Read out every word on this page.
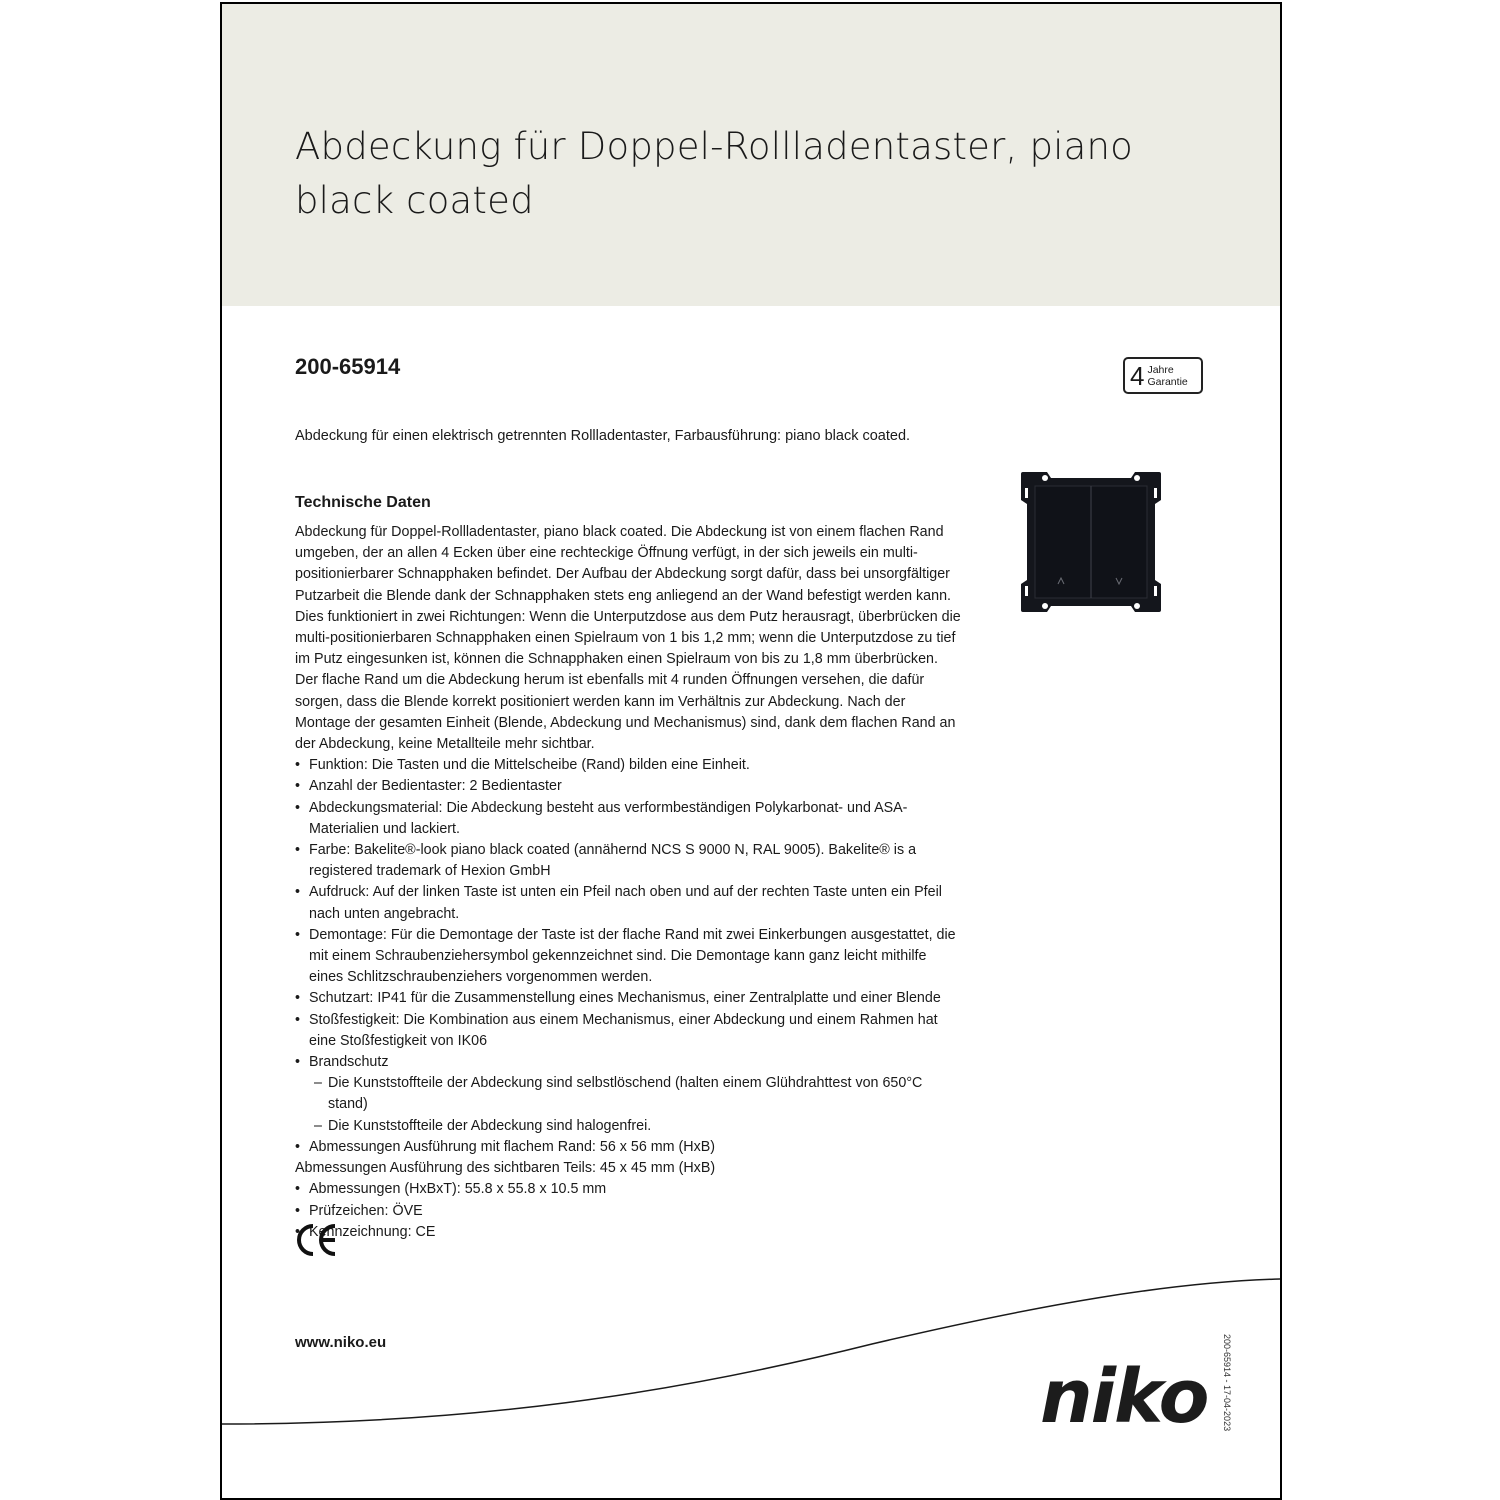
Abdeckung für Doppel-Rollladentaster, piano black coated
200-65914	4 Jahre
Garantie
Abdeckung für einen elektrisch getrennten Rollladentaster, Farbausführung: piano black coated.
Technische Daten

Abdeckung für Doppel-Rollladentaster, piano black coated. Die Abdeckung ist von einem flachen Rand umgeben, der an allen 4 Ecken über eine rechteckige Öffnung verfügt, in der sich jeweils ein multi-positionierbarer Schnapphaken befindet. Der Aufbau der Abdeckung sorgt dafür, dass bei unsorgfältiger Putzarbeit die Blende dank der Schnapphaken stets eng anliegend an der Wand befestigt werden kann. Dies funktioniert in zwei Richtungen: Wenn die Unterputzdose aus dem Putz herausragt, überbrücken die multi-positionierbaren Schnapphaken einen Spielraum von 1 bis 1,2 mm; wenn die Unterputzdose zu tief im Putz eingesunken ist, können die Schnapphaken einen Spielraum von bis zu 1,8 mm überbrücken. Der flache Rand um die Abdeckung herum ist ebenfalls mit 4 runden Öffnungen versehen, die dafür sorgen, dass die Blende korrekt positioniert werden kann im Verhältnis zur Abdeckung. Nach der Montage der gesamten Einheit (Blende, Abdeckung und Mechanismus) sind, dank dem flachen Rand an der Abdeckung, keine Metallteile mehr sichtbar.

• Funktion: Die Tasten und die Mittelscheibe (Rand) bilden eine Einheit.
• Anzahl der Bedientaster: 2 Bedientaster
• Abdeckungsmaterial: Die Abdeckung besteht aus verformbeständigen Polykarbonat- und ASA-Materialien und lackiert.
• Farbe: Bakelite®-look piano black coated (annähernd NCS S 9000 N, RAL 9005). Bakelite® is a registered trademark of Hexion GmbH
• Aufdruck: Auf der linken Taste ist unten ein Pfeil nach oben und auf der rechten Taste unten ein Pfeil nach unten angebracht.
• Demontage: Für die Demontage der Taste ist der flache Rand mit zwei Einkerbungen ausgestattet, die mit einem Schraubenziehersymbol gekennzeichnet sind. Die Demontage kann ganz leicht mithilfe eines Schlitzschraubenziehers vorgenommen werden.
• Schutzart: IP41 für die Zusammenstellung eines Mechanismus, einer Zentralplatte und einer Blende
• Stoßfestigkeit: Die Kombination aus einem Mechanismus, einer Abdeckung und einem Rahmen hat eine Stoßfestigkeit von IK06
• Brandschutz
– Die Kunststoffteile der Abdeckung sind selbstlöschend (halten einem Glühdrahttest von 650°C stand)
– Die Kunststoffteile der Abdeckung sind halogenfrei.
• Abmessungen Ausführung mit flachem Rand: 56 x 56 mm (HxB)

Abmessungen Ausführung des sichtbaren Teils: 45 x 45 mm (HxB)

• Abmessungen (HxBxT): 55.8 x 55.8 x 10.5 mm
• Prüfzeichen: ÖVE
• Kennzeichnung: CE
www.niko.eu
niko 200-65914 - 17-04-2023
